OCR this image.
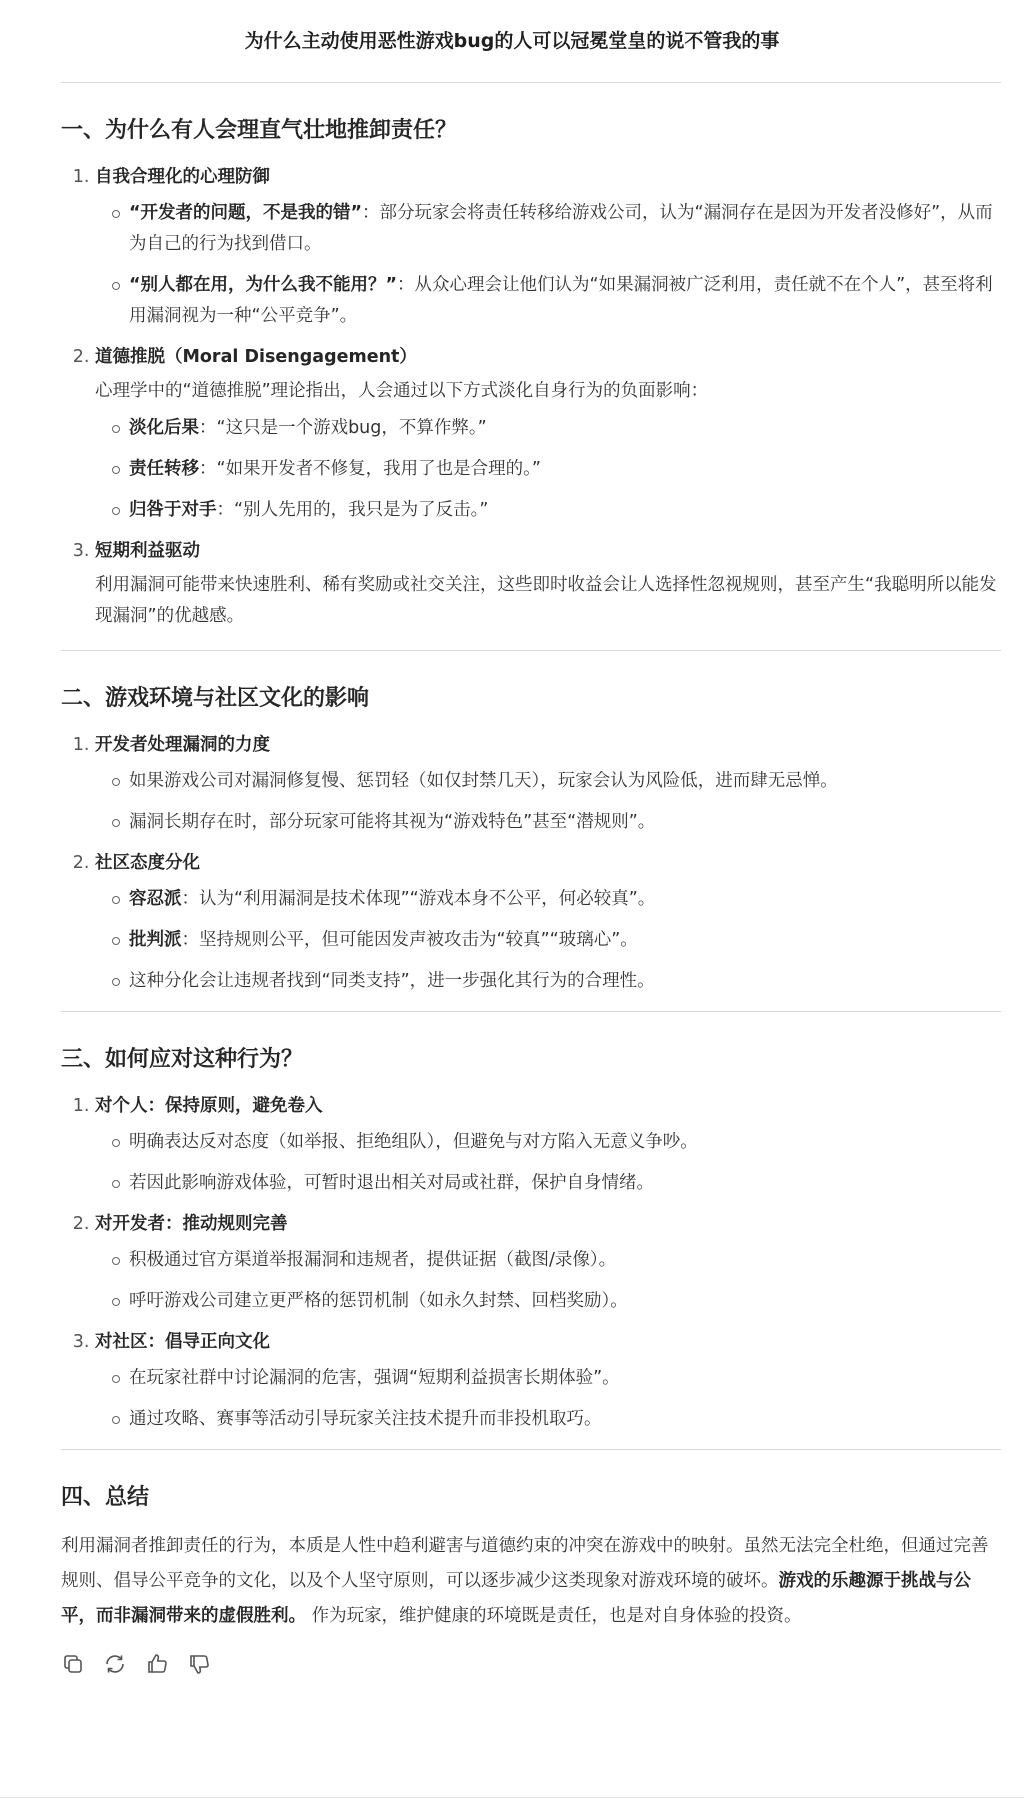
为什么主动使用恶性游戏bug的人可以冠冕堂皇的说不管我的事
一、为什么有人会理直气壮地推卸责任？
1. 自我合理化的心理防御
“开发者的问题，不是我的错”：部分玩家会将责任转移给游戏公司，认为“漏洞存在是因为开发者没修好”，从而为自己的行为找到借口。
“别人都在用，为什么我不能用？”：从众心理会让他们认为“如果漏洞被广泛利用，责任就不在个人”，甚至将利用漏洞视为一种“公平竞争”。
2. 道德推脱（Moral Disengagement）
心理学中的“道德推脱”理论指出，人会通过以下方式淡化自身行为的负面影响：
淡化后果：“这只是一个游戏bug，不算作弊。”
责任转移：“如果开发者不修复，我用了也是合理的。”
归咎于对手：“别人先用的，我只是为了反击。”
3. 短期利益驱动
利用漏洞可能带来快速胜利、稀有奖励或社交关注，这些即时收益会让人选择性忽视规则，甚至产生“我聪明所以能发现漏洞”的优越感。
二、游戏环境与社区文化的影响
1. 开发者处理漏洞的力度
如果游戏公司对漏洞修复慢、惩罚轻（如仅封禁几天），玩家会认为风险低，进而肆无忌惮。
漏洞长期存在时，部分玩家可能将其视为“游戏特色”甚至“潜规则”。
2. 社区态度分化
容忍派：认为“利用漏洞是技术体现”“游戏本身不公平，何必较真”。
批判派：坚持规则公平，但可能因发声被攻击为“较真”“玻璃心”。
这种分化会让违规者找到“同类支持”，进一步强化其行为的合理性。
三、如何应对这种行为？
1. 对个人：保持原则，避免卷入
明确表达反对态度（如举报、拒绝组队），但避免与对方陷入无意义争吵。
若因此影响游戏体验，可暂时退出相关对局或社群，保护自身情绪。
2. 对开发者：推动规则完善
积极通过官方渠道举报漏洞和违规者，提供证据（截图/录像）。
呼吁游戏公司建立更严格的惩罚机制（如永久封禁、回档奖励）。
3. 对社区：倡导正向文化
在玩家社群中讨论漏洞的危害，强调“短期利益损害长期体验”。
通过攻略、赛事等活动引导玩家关注技术提升而非投机取巧。
四、总结

利用漏洞者推卸责任的行为，本质是人性中趋利避害与道德约束的冲突在游戏中的映射。虽然无法完全杜绝，但通过完善规则、倡导公平竞争的文化，以及个人坚守原则，可以逐步减少这类现象对游戏环境的破坏。游戏的乐趣源于挑战与公平，而非漏洞带来的虚假胜利。 作为玩家，维护健康的环境既是责任，也是对自身体验的投资。
